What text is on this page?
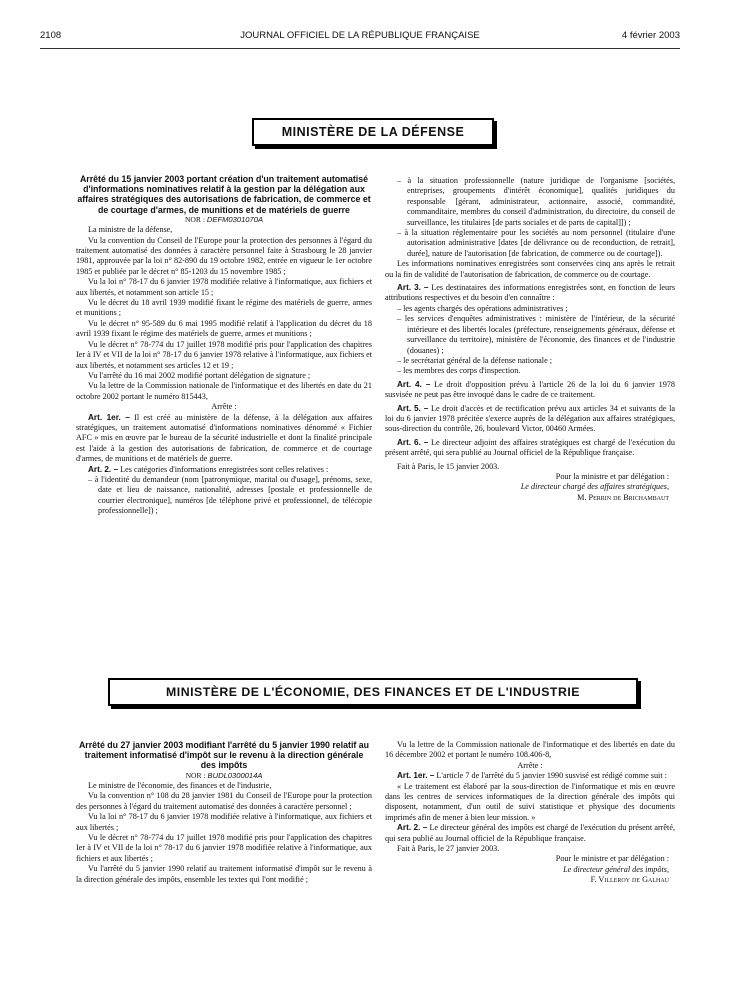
2108	JOURNAL OFFICIEL DE LA RÉPUBLIQUE FRANÇAISE	4 février 2003
MINISTÈRE DE LA DÉFENSE

Arrêté du 15 janvier 2003 portant création d'un traitement automatisé d'informations nominatives relatif à la gestion par la délégation aux affaires stratégiques des autorisations de fabrication, de commerce et de courtage d'armes, de munitions et de matériels de guerre

NOR : DEFM0301070A

La ministre de la défense,

Vu la convention du Conseil de l'Europe pour la protection des personnes à l'égard du traitement automatisé des données à caractère personnel faite à Strasbourg le 28 janvier 1981, approuvée par la loi n° 82-890 du 19 octobre 1982, entrée en vigueur le 1er octobre 1985 et publiée par le décret n° 85-1203 du 15 novembre 1985 ;

Vu la loi n° 78-17 du 6 janvier 1978 modifiée relative à l'informatique, aux fichiers et aux libertés, et notamment son article 15 ;

Vu le décret du 18 avril 1939 modifié fixant le régime des matériels de guerre, armes et munitions ;

Vu le décret n° 95-589 du 6 mai 1995 modifié relatif à l'application du décret du 18 avril 1939 fixant le régime des matériels de guerre, armes et munitions ;

Vu le décret n° 78-774 du 17 juillet 1978 modifié pris pour l'application des chapitres Ier à IV et VII de la loi n° 78-17 du 6 janvier 1978 relative à l'informatique, aux fichiers et aux libertés, et notamment ses articles 12 et 19 ;

Vu l'arrêté du 16 mai 2002 modifié portant délégation de signature ;

Vu la lettre de la Commission nationale de l'informatique et des libertés en date du 21 octobre 2002 portant le numéro 815443,

Arrête :

Art. 1er. – Il est créé au ministère de la défense, à la délégation aux affaires stratégiques, un traitement automatisé d'informations nominatives dénommé « Fichier AFC » mis en œuvre par le bureau de la sécurité industrielle et dont la finalité principale est l'aide à la gestion des autorisations de fabrication, de commerce et de courtage d'armes, de munitions et de matériels de guerre.

Art. 2. – Les catégories d'informations enregistrées sont celles relatives :

– à l'identité du demandeur (nom [patronymique, marital ou d'usage], prénoms, sexe, date et lieu de naissance, nationalité, adresses [postale et professionnelle de courrier électronique], numéros [de téléphone privé et professionnel, de télécopie professionnelle]) ;

– à la situation professionnelle (nature juridique de l'organisme [sociétés, entreprises, groupements d'intérêt économique], qualités juridiques du responsable [gérant, administrateur, actionnaire, associé, commandité, commanditaire, membres du conseil d'administration, du directoire, du conseil de surveillance, les titulaires [de parts sociales et de parts de capital]]) ;

– à la situation réglementaire pour les sociétés au nom personnel (titulaire d'une autorisation administrative [dates [de délivrance ou de reconduction, de retrait], durée], nature de l'autorisation [de fabrication, de commerce ou de courtage]).

Les informations nominatives enregistrées sont conservées cinq ans après le retrait ou la fin de validité de l'autorisation de fabrication, de commerce ou de courtage.

Art. 3. – Les destinataires des informations enregistrées sont, en fonction de leurs attributions respectives et du besoin d'en connaître :

– les agents chargés des opérations administratives ;

– les services d'enquêtes administratives : ministère de l'intérieur, de la sécurité intérieure et des libertés locales (préfecture, renseignements généraux, défense et surveillance du territoire), ministère de l'économie, des finances et de l'industrie (douanes) ;

– le secrétariat général de la défense nationale ;

– les membres des corps d'inspection.

Art. 4. – Le droit d'opposition prévu à l'article 26 de la loi du 6 janvier 1978 susvisée ne peut pas être invoqué dans le cadre de ce traitement.

Art. 5. – Le droit d'accès et de rectification prévu aux articles 34 et suivants de la loi du 6 janvier 1978 précitée s'exerce auprès de la délégation aux affaires stratégiques, sous-direction du contrôle, 26, boulevard Victor, 00460 Armées.

Art. 6. – Le directeur adjoint des affaires stratégiques est chargé de l'exécution du présent arrêté, qui sera publié au Journal officiel de la République française.

Fait à Paris, le 15 janvier 2003.

Pour la ministre et par délégation :

Le directeur chargé des affaires stratégiques,

M. Perrin de Brichambaut

MINISTÈRE DE L'ÉCONOMIE, DES FINANCES ET DE L'INDUSTRIE

Arrêté du 27 janvier 2003 modifiant l'arrêté du 5 janvier 1990 relatif au traitement informatisé d'impôt sur le revenu à la direction générale des impôts

NOR : BUDL0300014A

Le ministre de l'économie, des finances et de l'industrie,

Vu la convention n° 108 du 28 janvier 1981 du Conseil de l'Europe pour la protection des personnes à l'égard du traitement automatisé des données à caractère personnel ;

Vu la loi n° 78-17 du 6 janvier 1978 modifiée relative à l'informatique, aux fichiers et aux libertés ;

Vu le décret n° 78-774 du 17 juillet 1978 modifié pris pour l'application des chapitres Ier à IV et VII de la loi n° 78-17 du 6 janvier 1978 modifiée relative à l'informatique, aux fichiers et aux libertés ;

Vu l'arrêté du 5 janvier 1990 relatif au traitement informatisé d'impôt sur le revenu à la direction générale des impôts, ensemble les textes qui l'ont modifié ;

Vu la lettre de la Commission nationale de l'informatique et des libertés en date du 16 décembre 2002 et portant le numéro 108.406-8,

Arrête :

Art. 1er. – L'article 7 de l'arrêté du 5 janvier 1990 susvisé est rédigé comme suit :

« Le traitement est élaboré par la sous-direction de l'informatique et mis en œuvre dans les centres de services informatiques de la direction générale des impôts qui disposent, notamment, d'un outil de suivi statistique et physique des documents imprimés afin de mener à bien leur mission. »

Art. 2. – Le directeur général des impôts est chargé de l'exécution du présent arrêté, qui sera publié au Journal officiel de la République française.

Fait à Paris, le 27 janvier 2003.

Pour le ministre et par délégation :

Le directeur général des impôts,

F. Villeroy de Galhau
